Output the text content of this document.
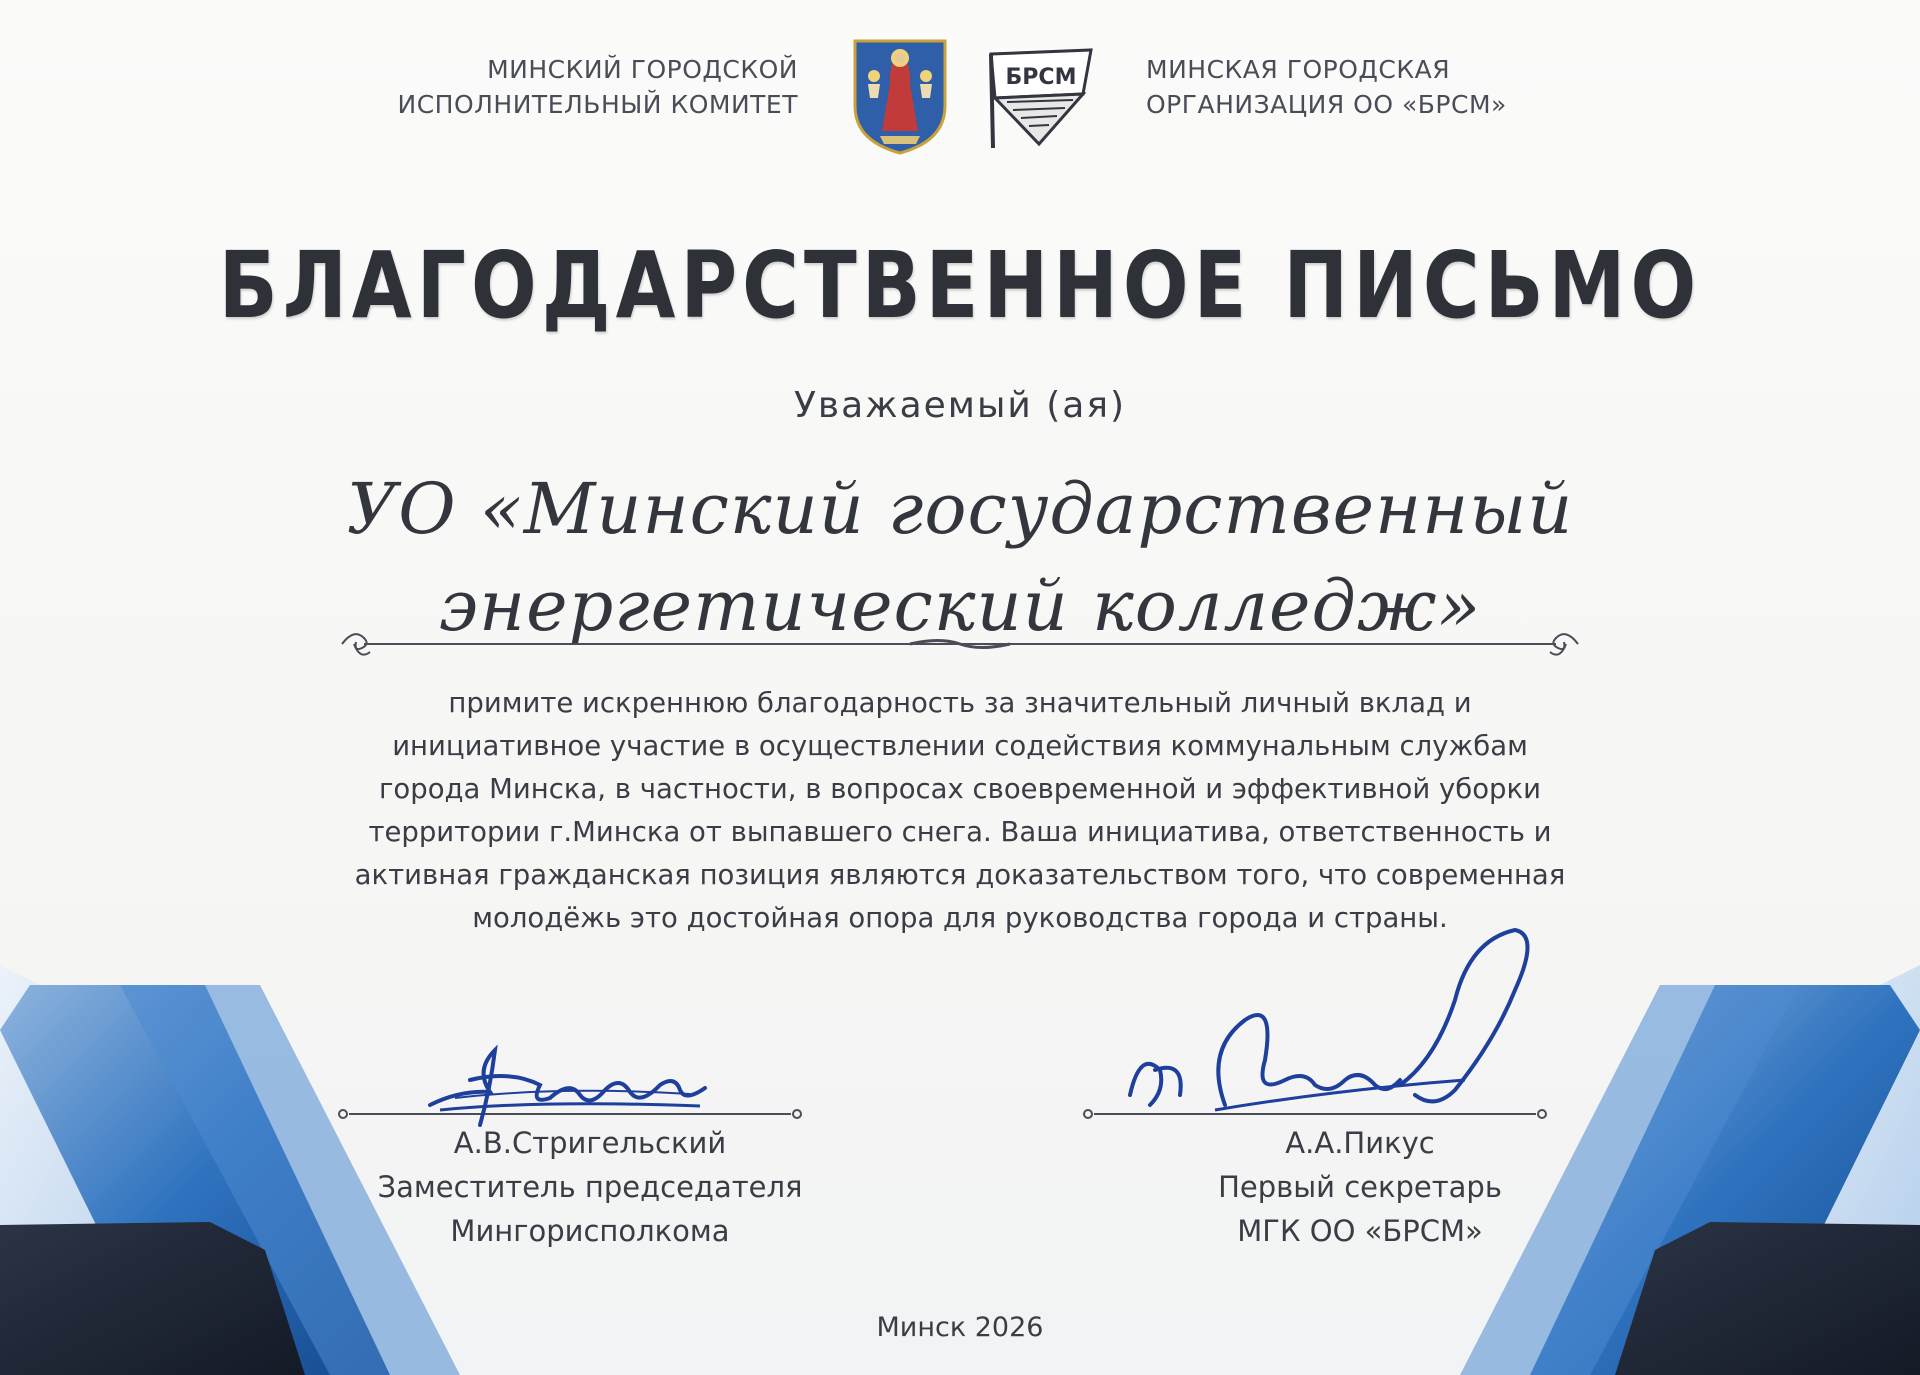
МИНСКИЙ ГОРОДСКОЙ
ИСПОЛНИТЕЛЬНЫЙ КОМИТЕТ
БРСМ	МИНСКАЯ ГОРОДСКАЯ
ОРГАНИЗАЦИЯ ОО «БРСМ»
БЛАГОДАРСТВЕННОЕ ПИСЬМО
Уважаемый (ая)
УО «Минский государственный
энергетический колледж»
примите искреннюю благодарность за значительный личный вклад и
инициативное участие в осуществлении содействия коммунальным службам
города Минска, в частности, в вопросах своевременной и эффективной уборки
территории г.Минска от выпавшего снега. Ваша инициатива, ответственность и
активная гражданская позиция являются доказательством того, что современная
молодёжь это достойная опора для руководства города и страны.
А.В.Стригельский
Заместитель председателя
Мингорисполкома
А.А.Пикус
Первый секретарь
МГК ОО «БРСМ»
Минск 2026
